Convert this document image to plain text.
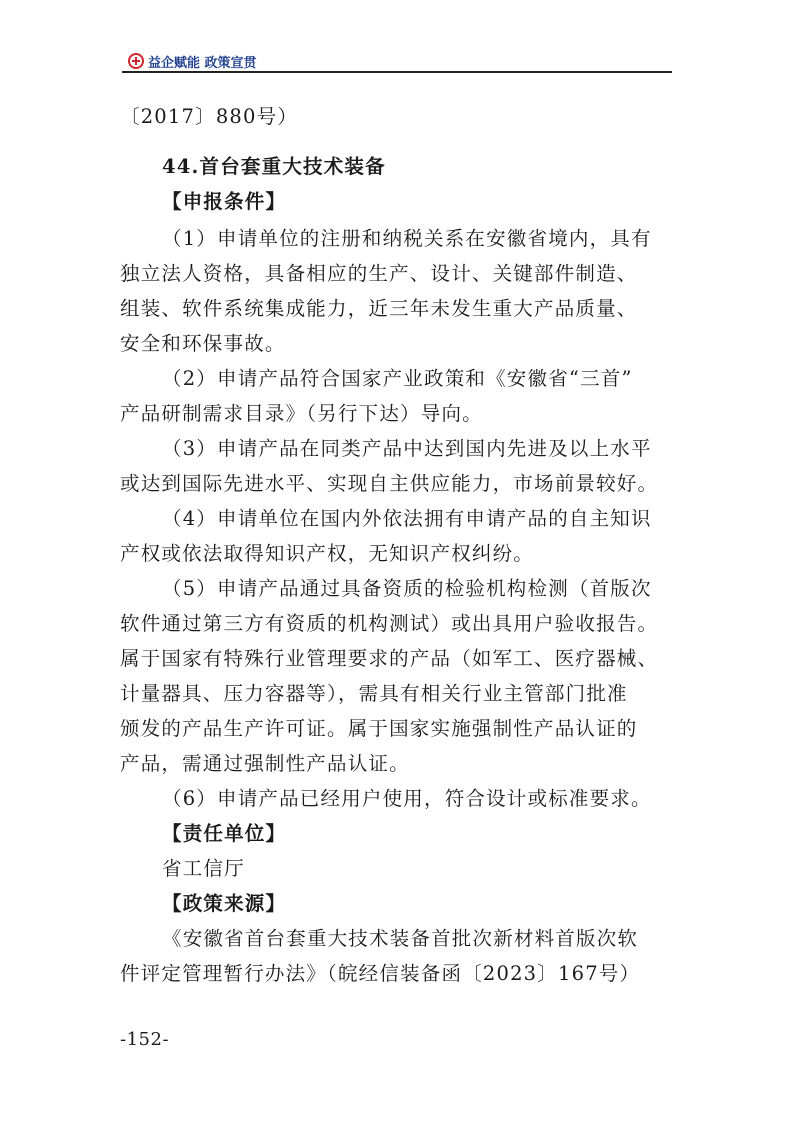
益企赋能 政策宣贯
〔2017〕880号）
44.首台套重大技术装备
【申报条件】
（1）申请单位的注册和纳税关系在安徽省境内，具有
独立法人资格，具备相应的生产、设计、关键部件制造、
组装、软件系统集成能力，近三年未发生重大产品质量、
安全和环保事故。
（2）申请产品符合国家产业政策和《安徽省“三首”
产品研制需求目录》（另行下达）导向。
（3）申请产品在同类产品中达到国内先进及以上水平
或达到国际先进水平、实现自主供应能力，市场前景较好。
（4）申请单位在国内外依法拥有申请产品的自主知识
产权或依法取得知识产权，无知识产权纠纷。
（5）申请产品通过具备资质的检验机构检测（首版次
软件通过第三方有资质的机构测试）或出具用户验收报告。
属于国家有特殊行业管理要求的产品（如军工、医疗器械、
计量器具、压力容器等），需具有相关行业主管部门批准
颁发的产品生产许可证。属于国家实施强制性产品认证的
产品，需通过强制性产品认证。
（6）申请产品已经用户使用，符合设计或标准要求。
【责任单位】
省工信厅
【政策来源】
《安徽省首台套重大技术装备首批次新材料首版次软
件评定管理暂行办法》（皖经信装备函〔2023〕167号）
-152-
